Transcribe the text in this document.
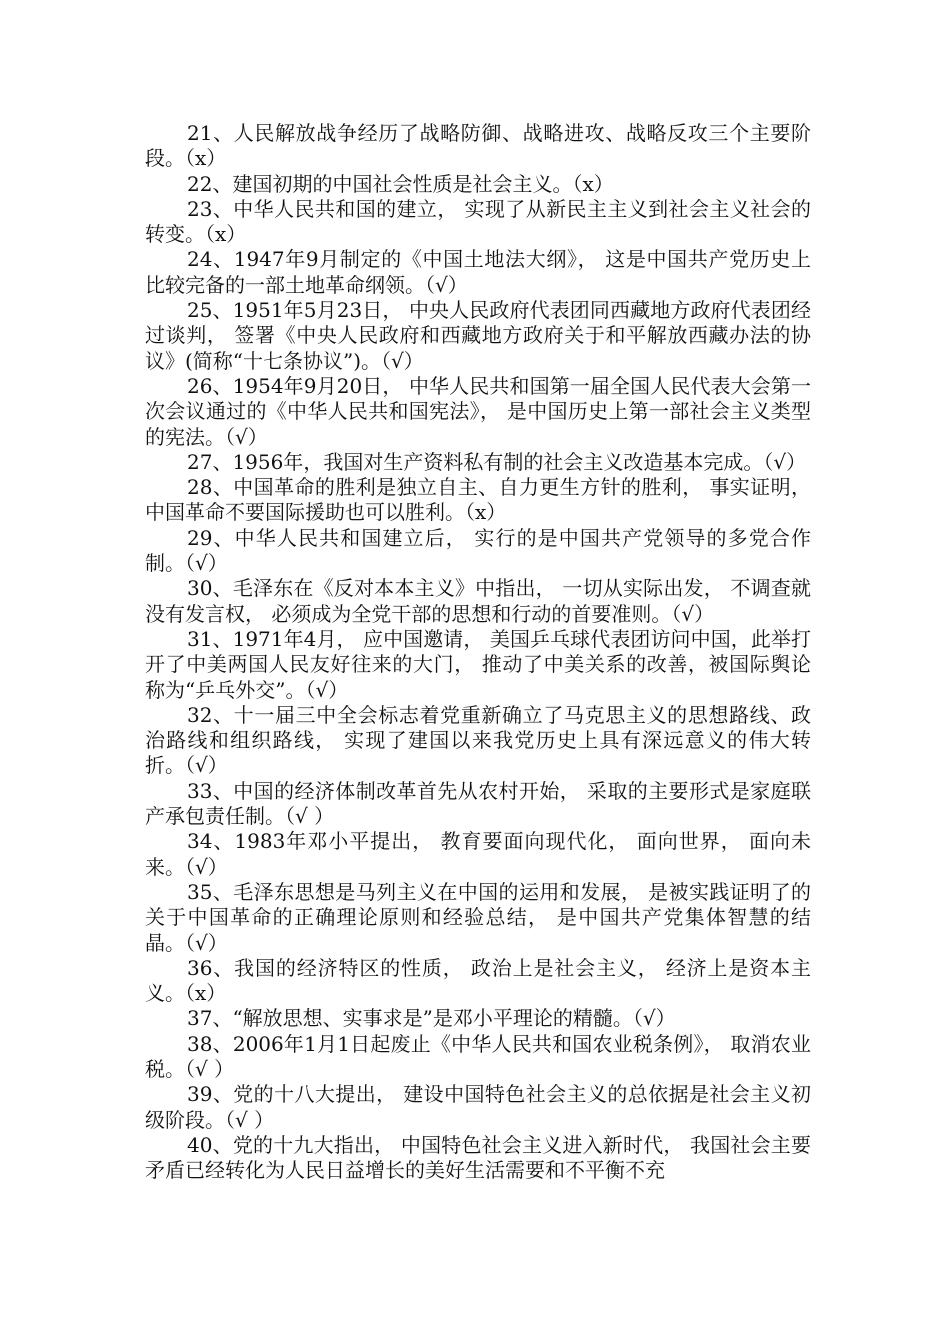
21、人民解放战争经历了战略防御、战略进攻、战略反攻三个主要阶段。（x）

22、建国初期的中国社会性质是社会主义。（x）

23、中华人民共和国的建立， 实现了从新民主主义到社会主义社会的转变。（x）

24、1947年9月制定的《中国土地法大纲》， 这是中国共产党历史上比较完备的一部土地革命纲领。（√）

25、1951年5月23日， 中央人民政府代表团同西藏地方政府代表团经过谈判， 签署《中央人民政府和西藏地方政府关于和平解放西藏办法的协议》(简称“十七条协议”)。（√）

26、1954年9月20日， 中华人民共和国第一届全国人民代表大会第一次会议通过的《中华人民共和国宪法》， 是中国历史上第一部社会主义类型的宪法。（√）

27、1956年，我国对生产资料私有制的社会主义改造基本完成。（√）

28、中国革命的胜利是独立自主、自力更生方针的胜利， 事实证明， 中国革命不要国际援助也可以胜利。（x）

29、中华人民共和国建立后， 实行的是中国共产党领导的多党合作制。（√）

30、毛泽东在《反对本本主义》中指出， 一切从实际出发， 不调查就没有发言权， 必须成为全党干部的思想和行动的首要准则。（√）

31、1971年4月， 应中国邀请， 美国乒乓球代表团访问中国，此举打开了中美两国人民友好往来的大门， 推动了中美关系的改善，被国际舆论称为“乒乓外交”。（√）

32、十一届三中全会标志着党重新确立了马克思主义的思想路线、政治路线和组织路线， 实现了建国以来我党历史上具有深远意义的伟大转折。（√）

33、中国的经济体制改革首先从农村开始， 采取的主要形式是家庭联产承包责任制。（√ ）

34、1983年邓小平提出， 教育要面向现代化， 面向世界， 面向未来。（√）

35、毛泽东思想是马列主义在中国的运用和发展， 是被实践证明了的关于中国革命的正确理论原则和经验总结， 是中国共产党集体智慧的结晶。（√）

36、我国的经济特区的性质， 政治上是社会主义， 经济上是资本主义。（x）

37、“解放思想、实事求是”是邓小平理论的精髓。（√）

38、2006年1月1日起废止《中华人民共和国农业税条例》， 取消农业税。（√ ）

39、党的十八大提出， 建设中国特色社会主义的总依据是社会主义初级阶段。（√ ）

40、党的十九大指出， 中国特色社会主义进入新时代， 我国社会主要矛盾已经转化为人民日益增长的美好生活需要和不平衡不充
